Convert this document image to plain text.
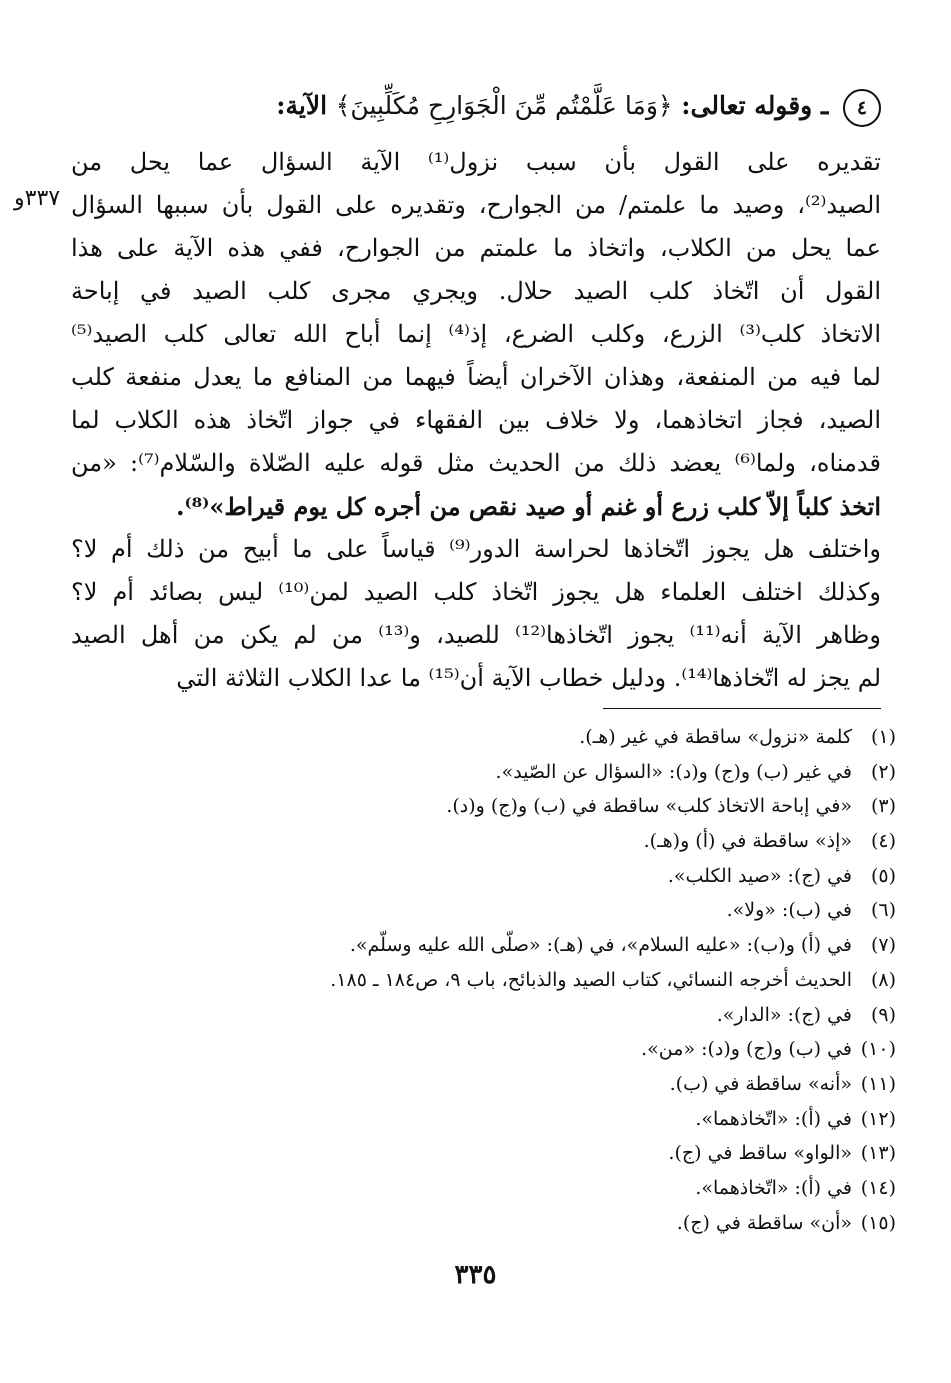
٤ ـ وقوله تعالى: ﴿وَمَا عَلَّمْتُم مِّنَ الْجَوَارِحِ مُكَلِّبِينَ﴾ الآية:
٣٣٧و
تقديره على القول بأن سبب نزول⁽¹⁾ الآية السؤال عما يحل من
الصيد⁽²⁾، وصيد ما علمتم/ من الجوارح، وتقديره على القول بأن سببها السؤال
عما يحل من الكلاب، واتخاذ ما علمتم من الجوارح، ففي هذه الآية على هذا
القول أن اتّخاذ كلب الصيد حلال. ويجري مجرى كلب الصيد في إباحة
الاتخاذ كلب⁽³⁾ الزرع، وكلب الضرع، إذ⁽⁴⁾ إنما أباح الله تعالى كلب الصيد⁽⁵⁾
لما فيه من المنفعة، وهذان الآخران أيضاً فيهما من المنافع ما يعدل منفعة كلب
الصيد، فجاز اتخاذهما، ولا خلاف بين الفقهاء في جواز اتّخاذ هذه الكلاب لما
قدمناه، ولما⁽⁶⁾ يعضد ذلك من الحديث مثل قوله عليه الصّلاة والسّلام⁽⁷⁾: «من
اتخذ كلباً إلاّ كلب زرع أو غنم أو صيد نقص من أجره كل يوم قيراط»⁽⁸⁾.
واختلف هل يجوز اتّخاذها لحراسة الدور⁽⁹⁾ قياساً على ما أبيح من ذلك أم لا؟
وكذلك اختلف العلماء هل يجوز اتّخاذ كلب الصيد لمن⁽¹⁰⁾ ليس بصائد أم لا؟
وظاهر الآية أنه⁽¹¹⁾ يجوز اتّخاذها⁽¹²⁾ للصيد، و⁽¹³⁾ من لم يكن من أهل الصيد
لم يجز له اتّخاذها⁽¹⁴⁾. ودليل خطاب الآية أن⁽¹⁵⁾ ما عدا الكلاب الثلاثة التي
(١)كلمة «نزول» ساقطة في غير (هـ).
(٢)في غير (ب) و(ج) و(د): «السؤال عن الصّيد».
(٣)«في إباحة الاتخاذ كلب» ساقطة في (ب) و(ج) و(د).
(٤)«إذ» ساقطة في (أ) و(هـ).
(٥)في (ج): «صيد الكلب».
(٦)في (ب): «ولا».
(٧)في (أ) و(ب): «عليه السلام»، في (هـ): «صلّى الله عليه وسلّم».
(٨)الحديث أخرجه النسائي، كتاب الصيد والذبائح، باب ٩، ص١٨٤ ـ ١٨٥.
(٩)في (ج): «الدار».
(١٠)في (ب) و(ج) و(د): «من».
(١١)«أنه» ساقطة في (ب).
(١٢)في (أ): «اتّخاذهما».
(١٣)«الواو» ساقط في (ج).
(١٤)في (أ): «اتّخاذهما».
(١٥)«أن» ساقطة في (ج).
٣٣٥
